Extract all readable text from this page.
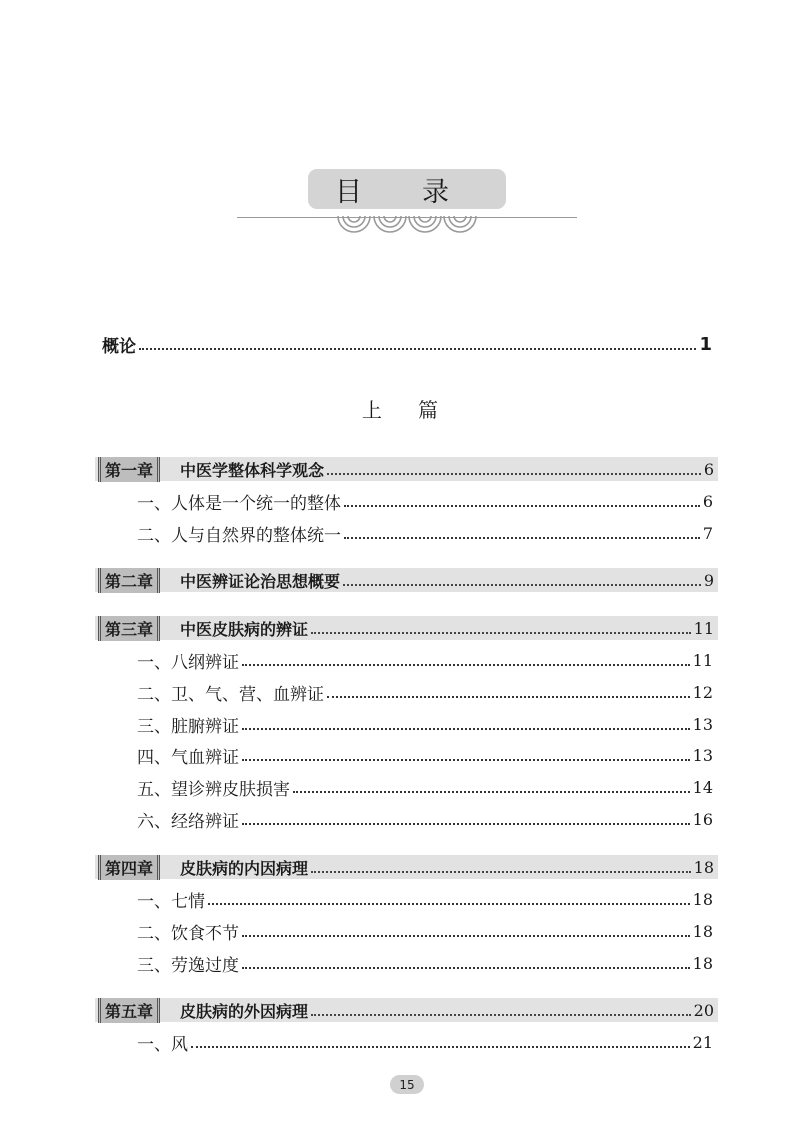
目 录
概论	1
上篇
第一章	中医学整体科学观念	6
一、人体是一个统一的整体	6
二、人与自然界的整体统一	7
第二章	中医辨证论治思想概要	9
第三章	中医皮肤病的辨证	11
一、八纲辨证	11
二、卫、气、营、血辨证	12
三、脏腑辨证	13
四、气血辨证	13
五、望诊辨皮肤损害	14
六、经络辨证	16
第四章	皮肤病的内因病理	18
一、七情	18
二、饮食不节	18
三、劳逸过度	18
第五章	皮肤病的外因病理	20
一、风	21
15
